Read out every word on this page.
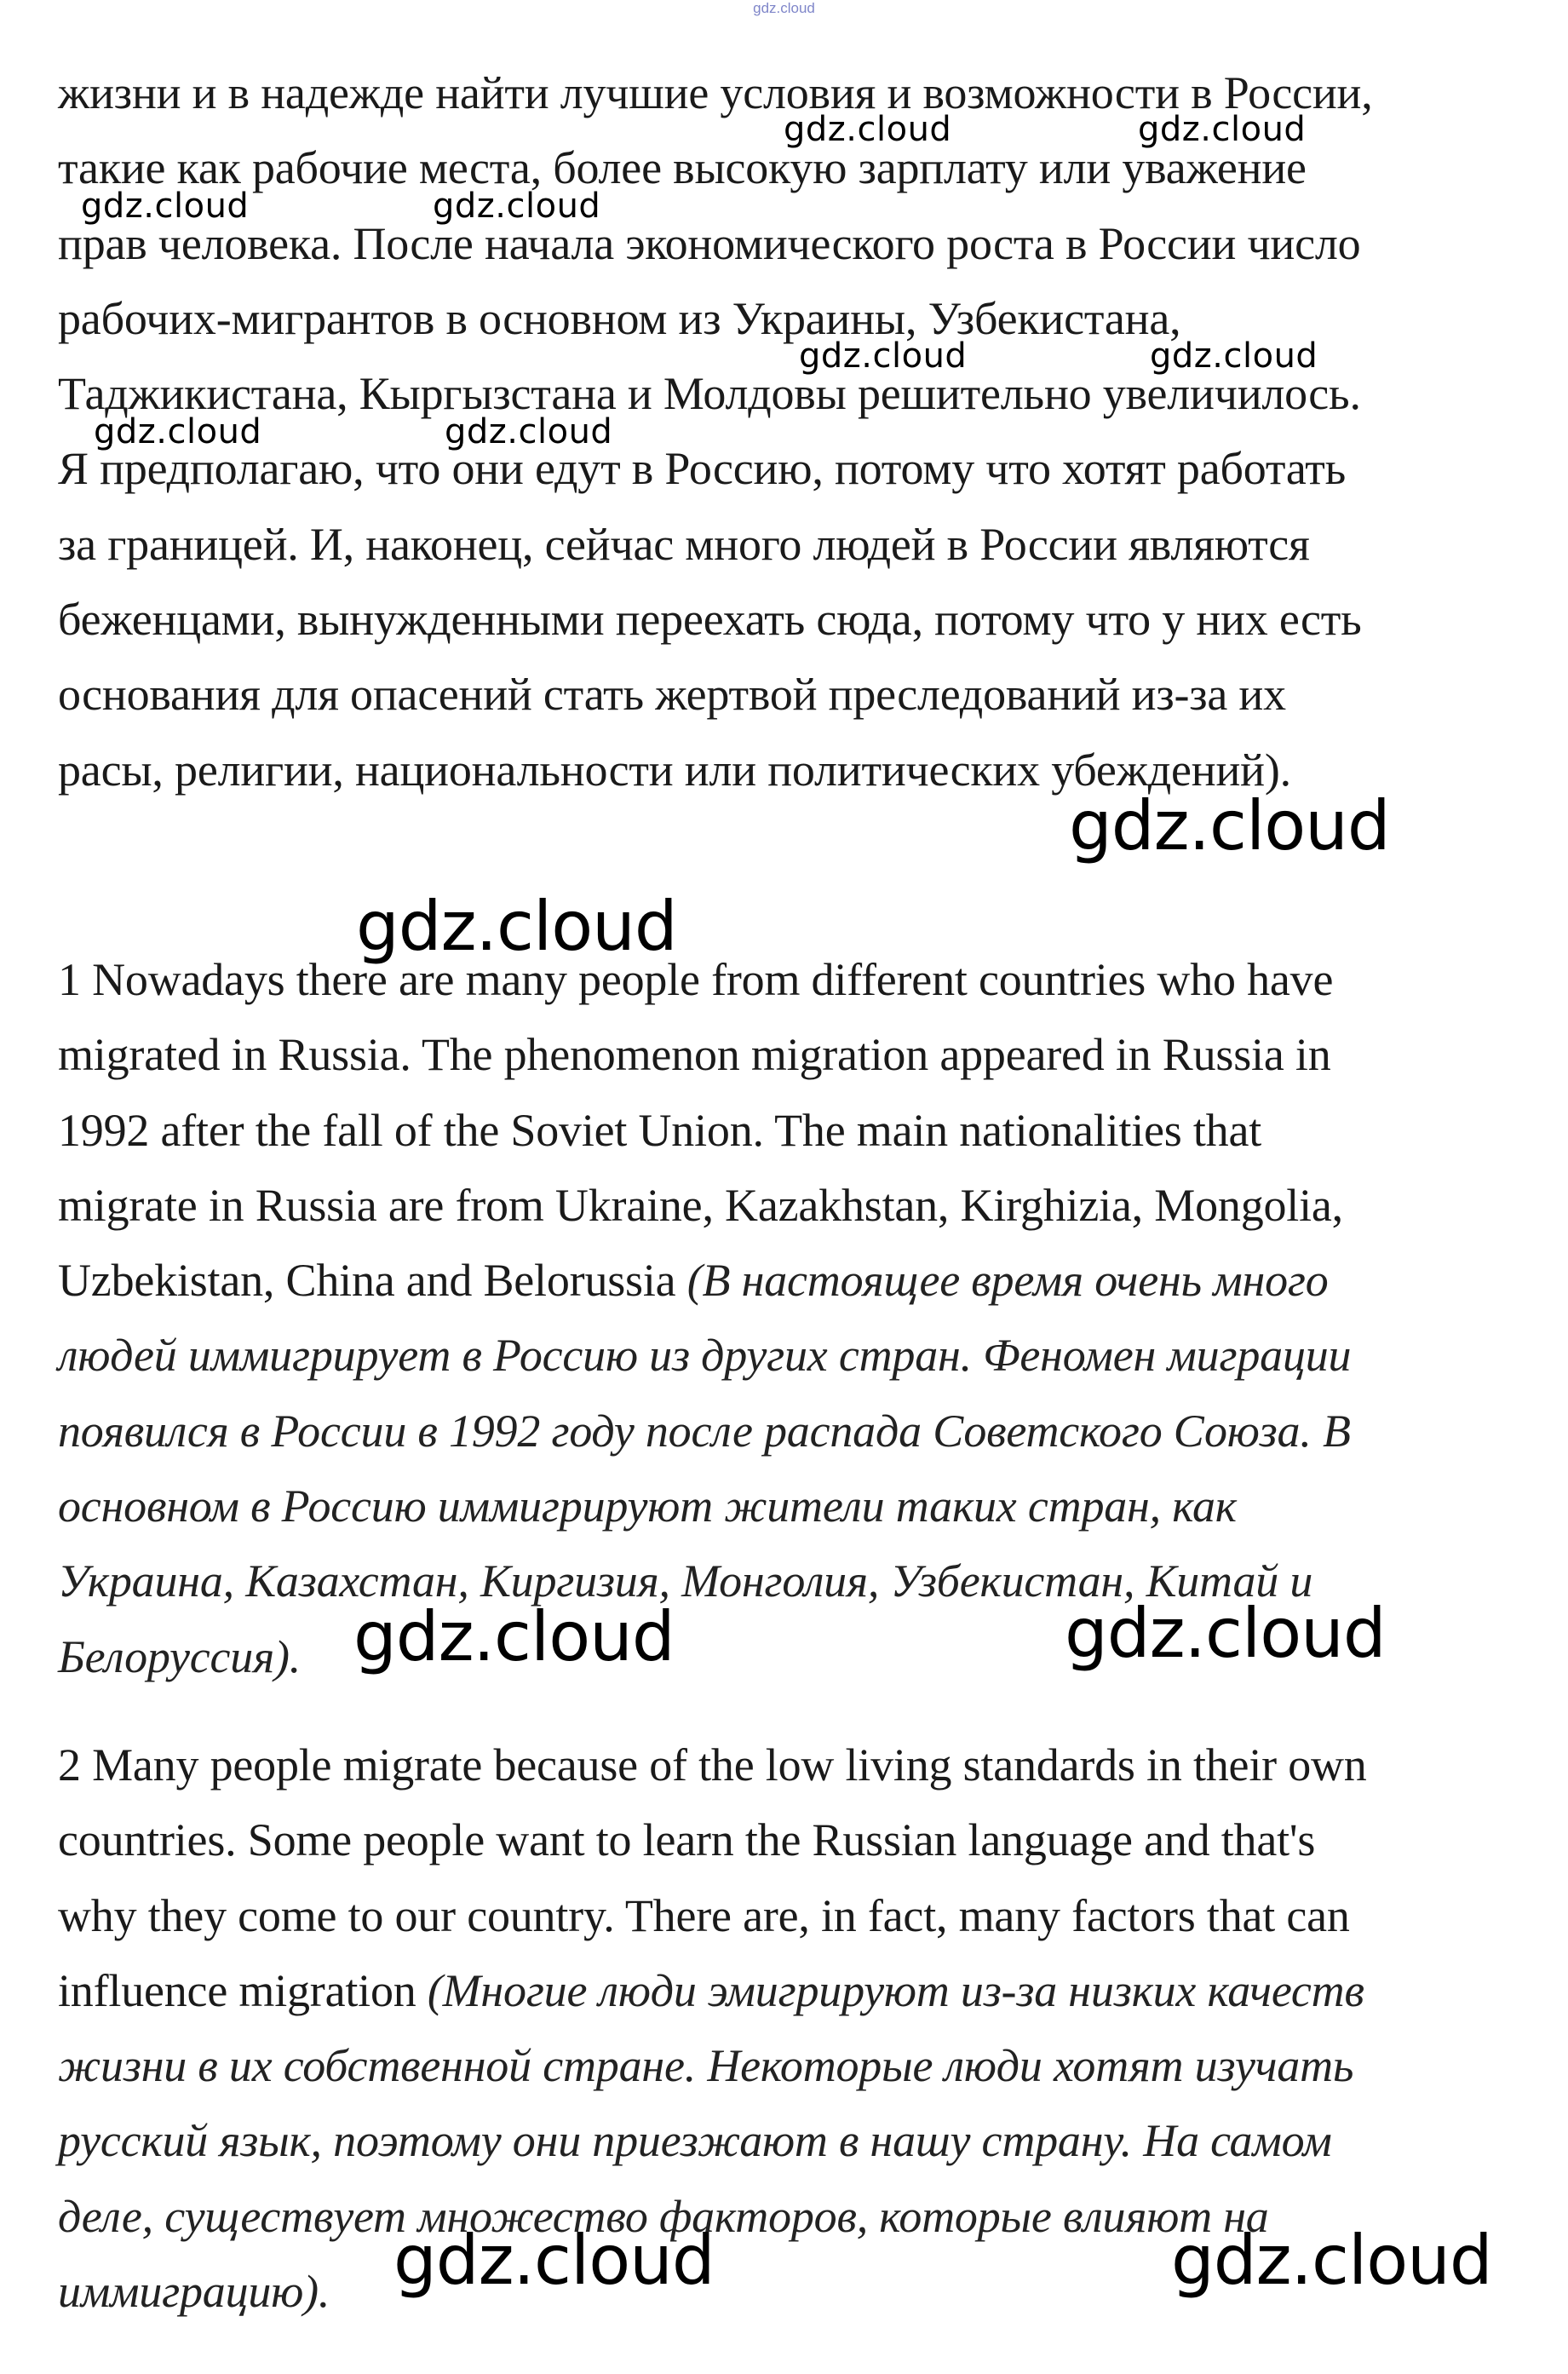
gdz.cloud
жизни и в надежде найти лучшие условия и возможности в России,
такие как рабочие места, более высокую зарплату или уважение
прав человека. После начала экономического роста в России число
рабочих-мигрантов в основном из Украины, Узбекистана,
Таджикистана, Кыргызстана и Молдовы решительно увеличилось.
Я предполагаю, что они едут в Россию, потому что хотят работать
за границей. И, наконец, сейчас много людей в России являются
беженцами, вынужденными переехать сюда, потому что у них есть
основания для опасений стать жертвой преследований из-за их
расы, религии, национальности или политических убеждений).
1 Nowadays there are many people from different countries who have
migrated in Russia. The phenomenon migration appeared in Russia in
1992 after the fall of the Soviet Union. The main nationalities that
migrate in Russia are from Ukraine, Kazakhstan, Kirghizia, Mongolia,
Uzbekistan, China and Belorussia (В настоящее время очень много
людей иммигрирует в Россию из других стран. Феномен миграции
появился в России в 1992 году после распада Советского Союза. В
основном в Россию иммигрируют жители таких стран, как
Украина, Казахстан, Киргизия, Монголия, Узбекистан, Китай и
Белоруссия).
2 Many people migrate because of the low living standards in their own
countries. Some people want to learn the Russian language and that's
why they come to our country. There are, in fact, many factors that can
influence migration (Многие люди эмигрируют из-за низких качеств
жизни в их собственной стране. Некоторые люди хотят изучать
русский язык, поэтому они приезжают в нашу страну. На самом
деле, существует множество факторов, которые влияют на
иммиграцию).
gdz.cloud	gdz.cloud
gdz.cloud	gdz.cloud
gdz.cloud	gdz.cloud
gdz.cloud	gdz.cloud
gdz.cloud
gdz.cloud
gdz.cloud	gdz.cloud
gdz.cloud	gdz.cloud
